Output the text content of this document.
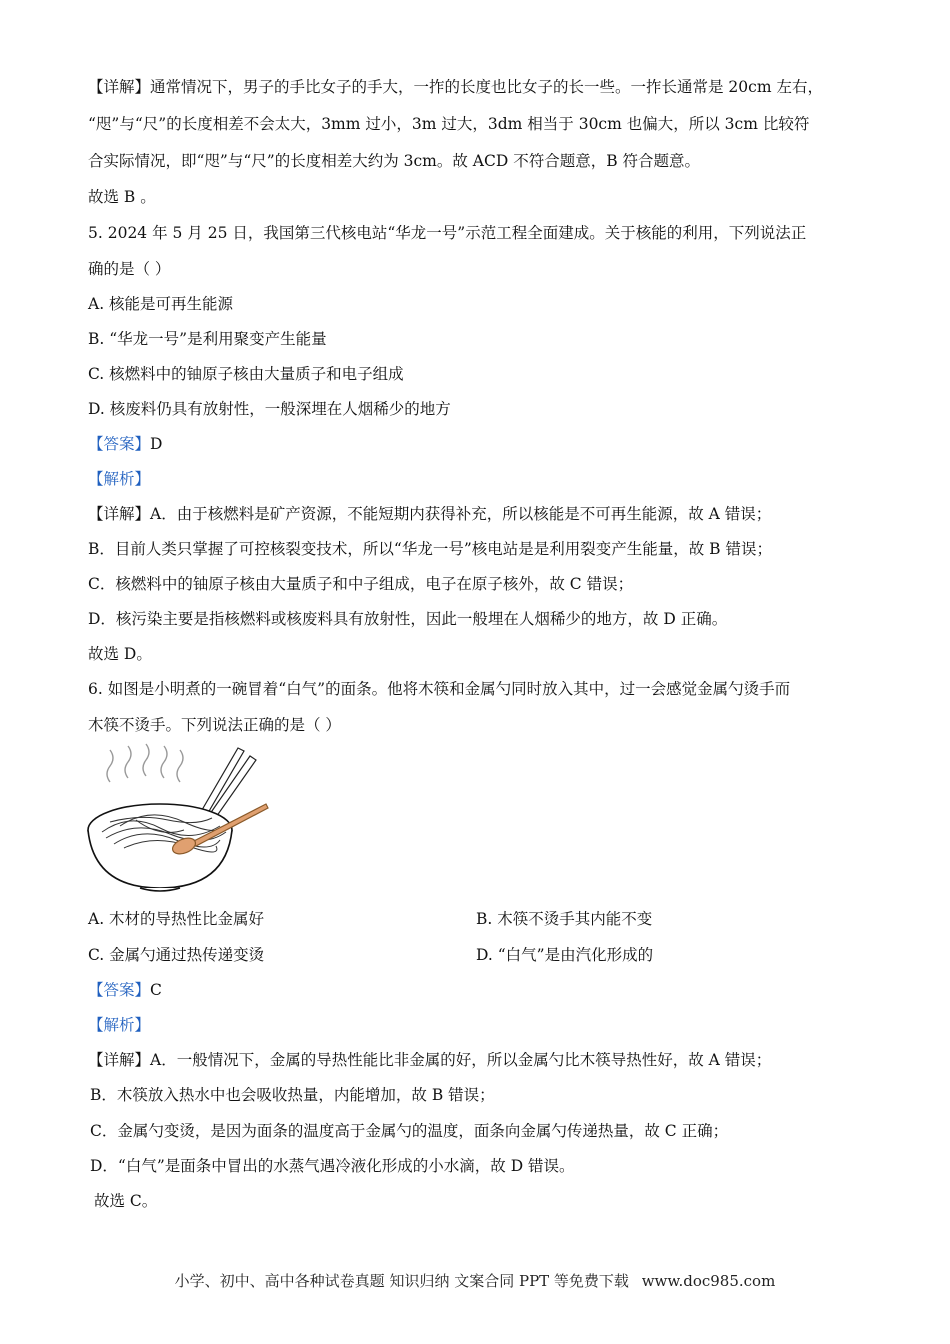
【详解】通常情况下，男子的手比女子的手大，一拃的长度也比女子的长一些。一拃长通常是 20cm 左右，
“咫”与“尺”的长度相差不会太大，3mm 过小，3m 过大，3dm 相当于 30cm 也偏大，所以 3cm 比较符
合实际情况，即“咫”与“尺”的长度相差大约为 3cm。故 ACD 不符合题意，B 符合题意。
故选 B 。
5. 2024 年 5 月 25 日，我国第三代核电站“华龙一号”示范工程全面建成。关于核能的利用，下列说法正
确的是（ ）
A. 核能是可再生能源
B. “华龙一号”是利用聚变产生能量
C. 核燃料中的铀原子核由大量质子和电子组成
D. 核废料仍具有放射性，一般深埋在人烟稀少的地方
【答案】D
【解析】
【详解】A．由于核燃料是矿产资源，不能短期内获得补充，所以核能是不可再生能源，故 A 错误；
B．目前人类只掌握了可控核裂变技术，所以“华龙一号”核电站是是利用裂变产生能量，故 B 错误；
C．核燃料中的铀原子核由大量质子和中子组成，电子在原子核外，故 C 错误；
D．核污染主要是指核燃料或核废料具有放射性，因此一般埋在人烟稀少的地方，故 D 正确。
故选 D。
6. 如图是小明煮的一碗冒着“白气”的面条。他将木筷和金属勺同时放入其中，过一会感觉金属勺烫手而
木筷不烫手。下列说法正确的是（ ）
A. 木材的导热性比金属好	B. 木筷不烫手其内能不变
C. 金属勺通过热传递变烫	D. “白气”是由汽化形成的
【答案】C
【解析】
【详解】A．一般情况下，金属的导热性能比非金属的好，所以金属勺比木筷导热性好，故 A 错误；
B．木筷放入热水中也会吸收热量，内能增加，故 B 错误；
C．金属勺变烫，是因为面条的温度高于金属勺的温度，面条向金属勺传递热量，故 C 正确；
D．“白气”是面条中冒出的水蒸气遇冷液化形成的小水滴，故 D 错误。
故选 C。
小学、初中、高中各种试卷真题 知识归纳 文案合同 PPT 等免费下载 www.doc985.com
